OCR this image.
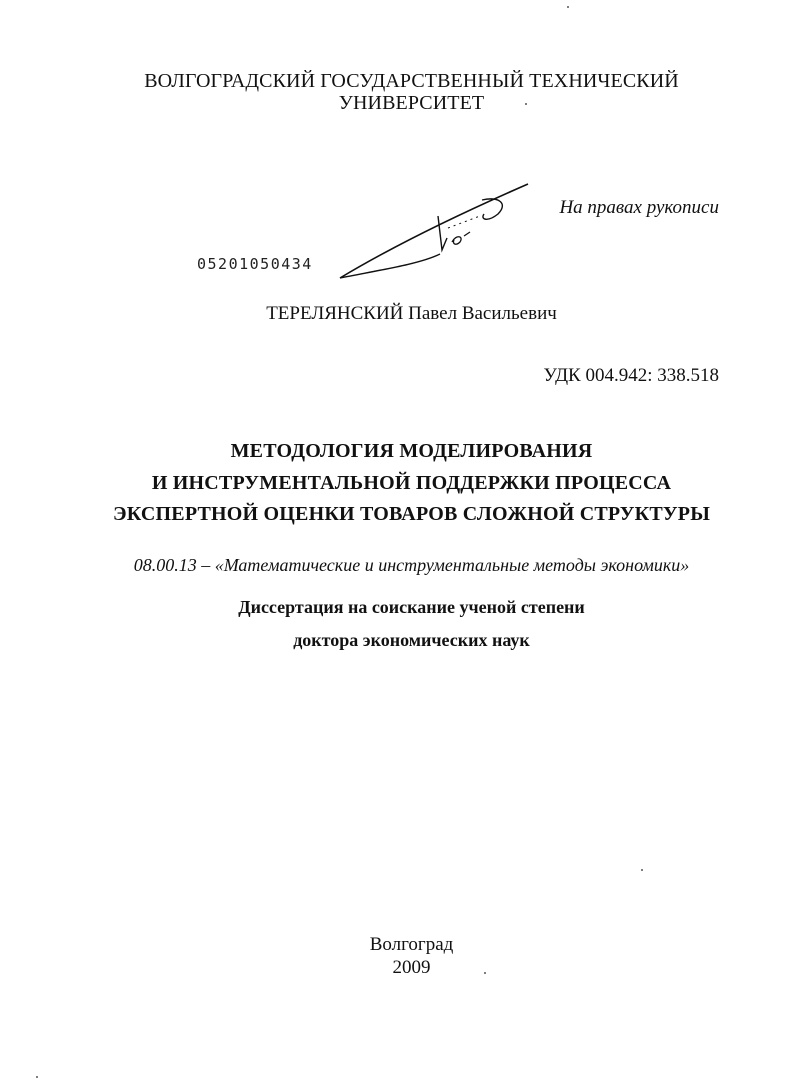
ВОЛГОГРАДСКИЙ ГОСУДАРСТВЕННЫЙ ТЕХНИЧЕСКИЙ
УНИВЕРСИТЕТ
На правах рукописи
05201050434
ТЕРЕЛЯНСКИЙ Павел Васильевич
УДК 004.942: 338.518
МЕТОДОЛОГИЯ МОДЕЛИРОВАНИЯ
И ИНСТРУМЕНТАЛЬНОЙ ПОДДЕРЖКИ ПРОЦЕССА
ЭКСПЕРТНОЙ ОЦЕНКИ ТОВАРОВ СЛОЖНОЙ СТРУКТУРЫ
08.00.13 – «Математические и инструментальные методы экономики»
Диссертация на соискание ученой степени
доктора экономических наук
Волгоград
2009
